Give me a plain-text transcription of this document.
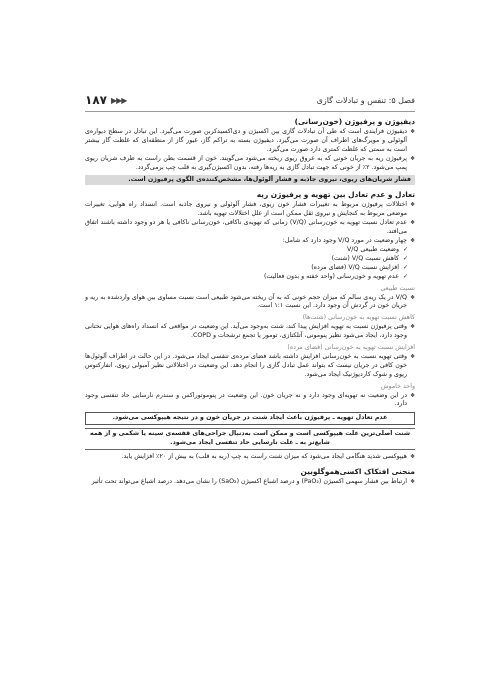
۱۸۷ ▶▶▶	فصل ۵: تنفس و تبادلات گازی
دیفیوژن و پرفیوژن (خون‌رسانی)
❖ دیفیوژن فرایندی است که طی آن تبادلات گازی بین اکسیژن و دی‌اکسیدکربن صورت می‌گیرد. این تبادل در سطح دیواره‌ی آلوئولی و مویرگ‌های اطراف آن صورت می‌گیرد. دیفیوژن بسته به تراکم گاز، غیور گاز از منطقه‌ای که غلظت گاز بیشتر است به سمتی که غلظت کمتری دارد صورت می‌گیرد.
❖ پرفیوژن ریه به جریان خونی که به عروق ریوی ریخته می‌شود می‌گویند. خون از قسمت بطن راست به طرف شریان ریوی پمپ می‌شود. ۲٪ از خونی که جهت تبادل گازی به ریه‌ها رفته، بدون اکسیژن‌گیری به قلب چپ برمی‌گردد.
فشار شریان‌های ریوی، نیروی جاذبه و فشار آلوئول‌ها، مشخص‌کننده‌ی الگوی پرفیوژن است.
تعادل و عدم تعادل بین تهویه و پرفیوژن ریه
❖ اختلالات پرفیوژن مربوط به تغییرات فشار خون ریوی، فشار آلوئولی و نیروی جاذبه است. انسداد راه هوایی، تغییرات موضعی مربوط به کنجایش و نیروی ثقل ممکن است از علل اختلالات تهویه باشد.
❖ عدم تعادل نسبت تهویه به خون‌رسانی (V/Q) زمانی که تهویه‌ی ناکافی، خون‌رسانی ناکافی یا هر دو وجود داشته باشند اتفاق می‌افتد.
❖ چهار وضعیت در مورد V/Q وجود دارد که شامل:
✓ وضعیت طبیعی V/Q
✓ کاهش نسبت V/Q (شنت)
✓ افزایش نسبت V/Q (فضای مرده)
✓ عدم تهویه و خون‌رسانی (واحد خفته و بدون فعالیت)
نسبت طبیعی
❖ V/Q در یک ریه‌ی سالم که میزان حجم خونی که به آن ریخته می‌شود طبیعی است نسبت مساوی بین هوای واردشده به ریه و جریان خون در گردش آن وجود دارد. این نسبت ۱:۱ است.
کاهش نسبت تهویه به خون‌رسانی (شنت‌ها)
❖ وقتی پرفیوژن نسبت به تهویه افزایش پیدا کند، شنت به‌وجود می‌آید. این وضعیت در مواقعی که انسداد راه‌های هوایی تحتانی وجود دارد، ایجاد می‌شود نظیر پنومونی، آتلکتازی، تومور یا تجمع ترشحات و COPD.
افزایش نسبت تهویه به خون‌رسانی (فضای مرده)
❖ وقتی تهویه نسبت به خون‌رسانی افزایش داشته باشد فضای مرده‌ی تنفسی ایجاد می‌شود. در این حالت در اطراف آلوئول‌ها خون کافی در جریان نیست که بتواند عمل تبادل گازی را انجام دهد. این وضعیت در اختلالاتی نظیر آمبولی ریوی، انفارکتوس ریوی و شوک کاردیوژنیک ایجاد می‌شود.
واحد خاموش
❖ در این وضعیت نه تهویه‌ای وجود دارد و نه جریان خون. این وضعیت در پنوموتوراکس و سندرم نارسایی حاد تنفسی وجود دارد.
عدم تعادل تهویه ـ پرفیوژن باعث ایجاد شنت در جریان خون و در نتیجه هیپوکسی می‌شود.
شنت اصلی‌ترین علت هیپوکسی است و ممکن است به‌دنبال جراحی‌های قفسه‌ی سینه یا شکمی و از همه شایع‌تر به ـ علت نارسایی حاد تنفسی ایجاد می‌شود.
❖ هیپوکسی شدید هنگامی ایجاد می‌شود که میزان شنت راست به چپ (ریه به قلب) به بیش از ۲۰٪ افزایش یابد.
منحنی افتکاک اکسی‌هموگلوبین
❖ ارتباط بین فشار سهمی اکسیژن (PaO₂) و درصد اشباع اکسیژن (SaO₂) را نشان می‌دهد. درصد اشباع می‌تواند تحت تأثیر
